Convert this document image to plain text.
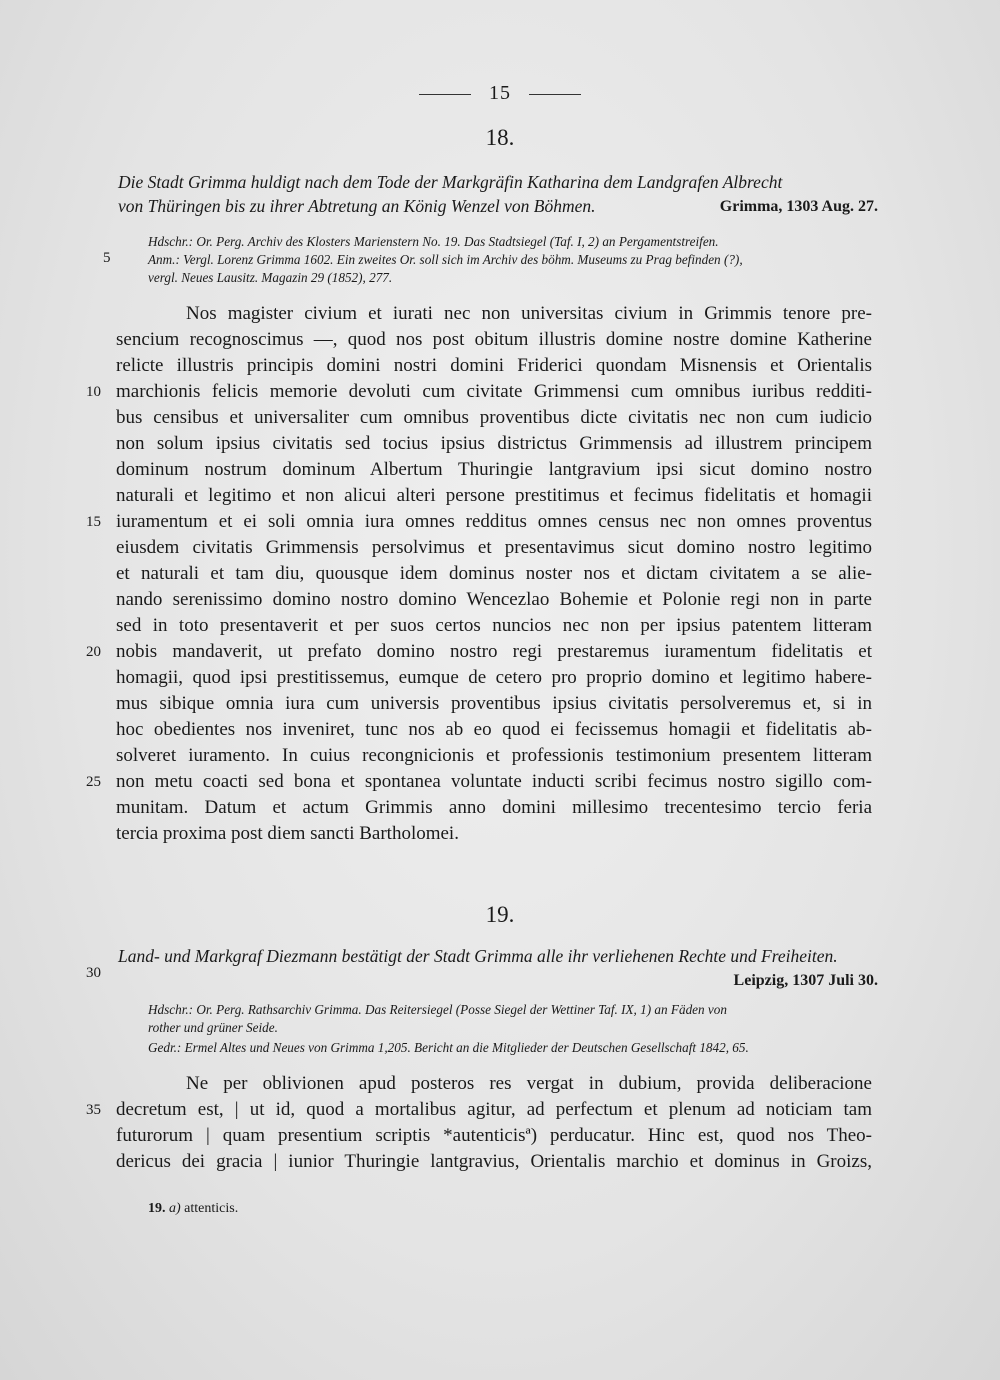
15
18.
Die Stadt Grimma huldigt nach dem Tode der Markgräfin Katharina dem Landgrafen Albrecht
von Thüringen bis zu ihrer Abtretung an König Wenzel von Böhmen.	Grimma, 1303 Aug. 27.
Hdschr.: Or. Perg. Archiv des Klosters Marienstern No. 19. Das Stadtsiegel (Taf. I, 2) an Pergamentstreifen.
Anm.: Vergl. Lorenz Grimma 1602. Ein zweites Or. soll sich im Archiv des böhm. Museums zu Prag befinden (?),
vergl. Neues Lausitz. Magazin 29 (1852), 277.
Nos magister civium et iurati nec non universitas civium in Grimmis tenore pre-
sencium recognoscimus —, quod nos post obitum illustris domine nostre domine Katherine
relicte illustris principis domini nostri domini Friderici quondam Misnensis et Orientalis
marchionis felicis memorie devoluti cum civitate Grimmensi cum omnibus iuribus redditi-
bus censibus et universaliter cum omnibus proventibus dicte civitatis nec non cum iudicio
non solum ipsius civitatis sed tocius ipsius districtus Grimmensis ad illustrem principem
dominum nostrum dominum Albertum Thuringie lantgravium ipsi sicut domino nostro
naturali et legitimo et non alicui alteri persone prestitimus et fecimus fidelitatis et homagii
iuramentum et ei soli omnia iura omnes redditus omnes census nec non omnes proventus
eiusdem civitatis Grimmensis persolvimus et presentavimus sicut domino nostro legitimo
et naturali et tam diu, quousque idem dominus noster nos et dictam civitatem a se alie-
nando serenissimo domino nostro domino Wencezlao Bohemie et Polonie regi non in parte
sed in toto presentaverit et per suos certos nuncios nec non per ipsius patentem litteram
nobis mandaverit, ut prefato domino nostro regi prestaremus iuramentum fidelitatis et
homagii, quod ipsi prestitissemus, eumque de cetero pro proprio domino et legitimo habere-
mus sibique omnia iura cum universis proventibus ipsius civitatis persolveremus et, si in
hoc obedientes nos inveniret, tunc nos ab eo quod ei fecissemus homagii et fidelitatis ab-
solveret iuramento. In cuius recongnicionis et professionis testimonium presentem litteram
non metu coacti sed bona et spontanea voluntate inducti scribi fecimus nostro sigillo com-
munitam. Datum et actum Grimmis anno domini millesimo trecentesimo tercio feria
tercia proxima post diem sancti Bartholomei.
19.
Land- und Markgraf Diezmann bestätigt der Stadt Grimma alle ihr verliehenen Rechte und Freiheiten.
Leipzig, 1307 Juli 30.
Hdschr.: Or. Perg. Rathsarchiv Grimma. Das Reitersiegel (Posse Siegel der Wettiner Taf. IX, 1) an Fäden von
rother und grüner Seide.
Gedr.: Ermel Altes und Neues von Grimma 1,205. Bericht an die Mitglieder der Deutschen Gesellschaft 1842, 65.
Ne per oblivionen apud posteros res vergat in dubium, provida deliberacione
decretum est, | ut id, quod a mortalibus agitur, ad perfectum et plenum ad noticiam tam
futurorum | quam presentium scriptis *autenticisª) perducatur. Hinc est, quod nos Theo-
dericus dei gracia | iunior Thuringie lantgravius, Orientalis marchio et dominus in Groizs,
5
10
15
20
25
30
35
19. a) attenticis.
